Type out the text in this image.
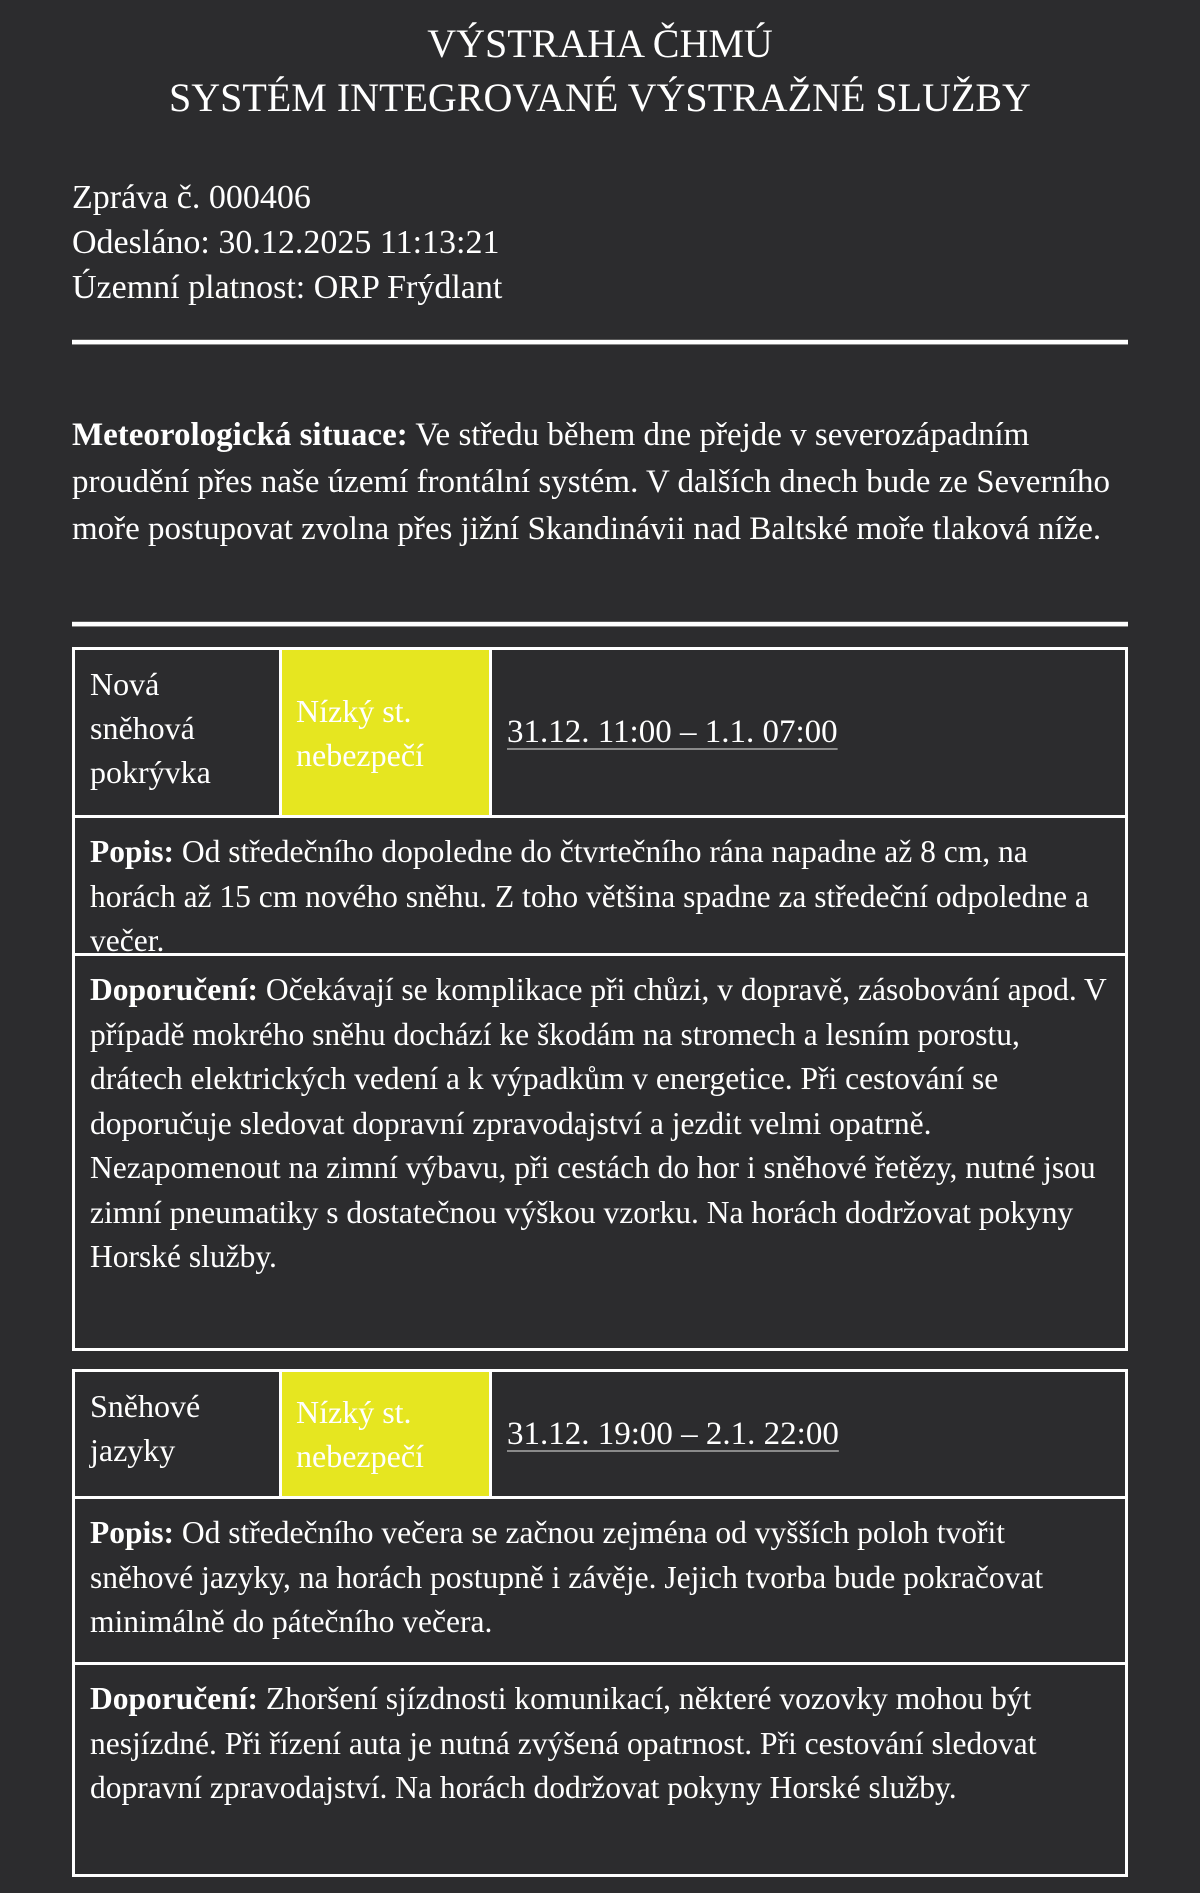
VÝSTRAHA ČHMÚ
SYSTÉM INTEGROVANÉ VÝSTRAŽNÉ SLUŽBY
Zpráva č. 000406
Odesláno: 30.12.2025 11:13:21
Územní platnost: ORP Frýdlant
Meteorologická situace: Ve středu během dne přejde v severozápadním proudění přes naše území frontální systém. V dalších dnech bude ze Severního moře postupovat zvolna přes jižní Skandinávii nad Baltské moře tlaková níže.
Nová sněhová pokrývka
Nízký st. nebezpečí
31.12. 11:00 – 1.1. 07:00
Popis: Od středečního dopoledne do čtvrtečního rána napadne až 8 cm, na horách až 15 cm nového sněhu. Z toho většina spadne za středeční odpoledne a večer.
Doporučení: Očekávají se komplikace při chůzi, v dopravě, zásobování apod. V případě mokrého sněhu dochází ke škodám na stromech a lesním porostu, drátech elektrických vedení a k výpadkům v energetice. Při cestování se doporučuje sledovat dopravní zpravodajství a jezdit velmi opatrně. Nezapomenout na zimní výbavu, při cestách do hor i sněhové řetězy, nutné jsou zimní pneumatiky s dostatečnou výškou vzorku. Na horách dodržovat pokyny Horské služby.
Sněhové jazyky
Nízký st. nebezpečí
31.12. 19:00 – 2.1. 22:00
Popis: Od středečního večera se začnou zejména od vyšších poloh tvořit sněhové jazyky, na horách postupně i závěje. Jejich tvorba bude pokračovat minimálně do pátečního večera.
Doporučení: Zhoršení sjízdnosti komunikací, některé vozovky mohou být nesjízdné. Při řízení auta je nutná zvýšená opatrnost. Při cestování sledovat dopravní zpravodajství. Na horách dodržovat pokyny Horské služby.
